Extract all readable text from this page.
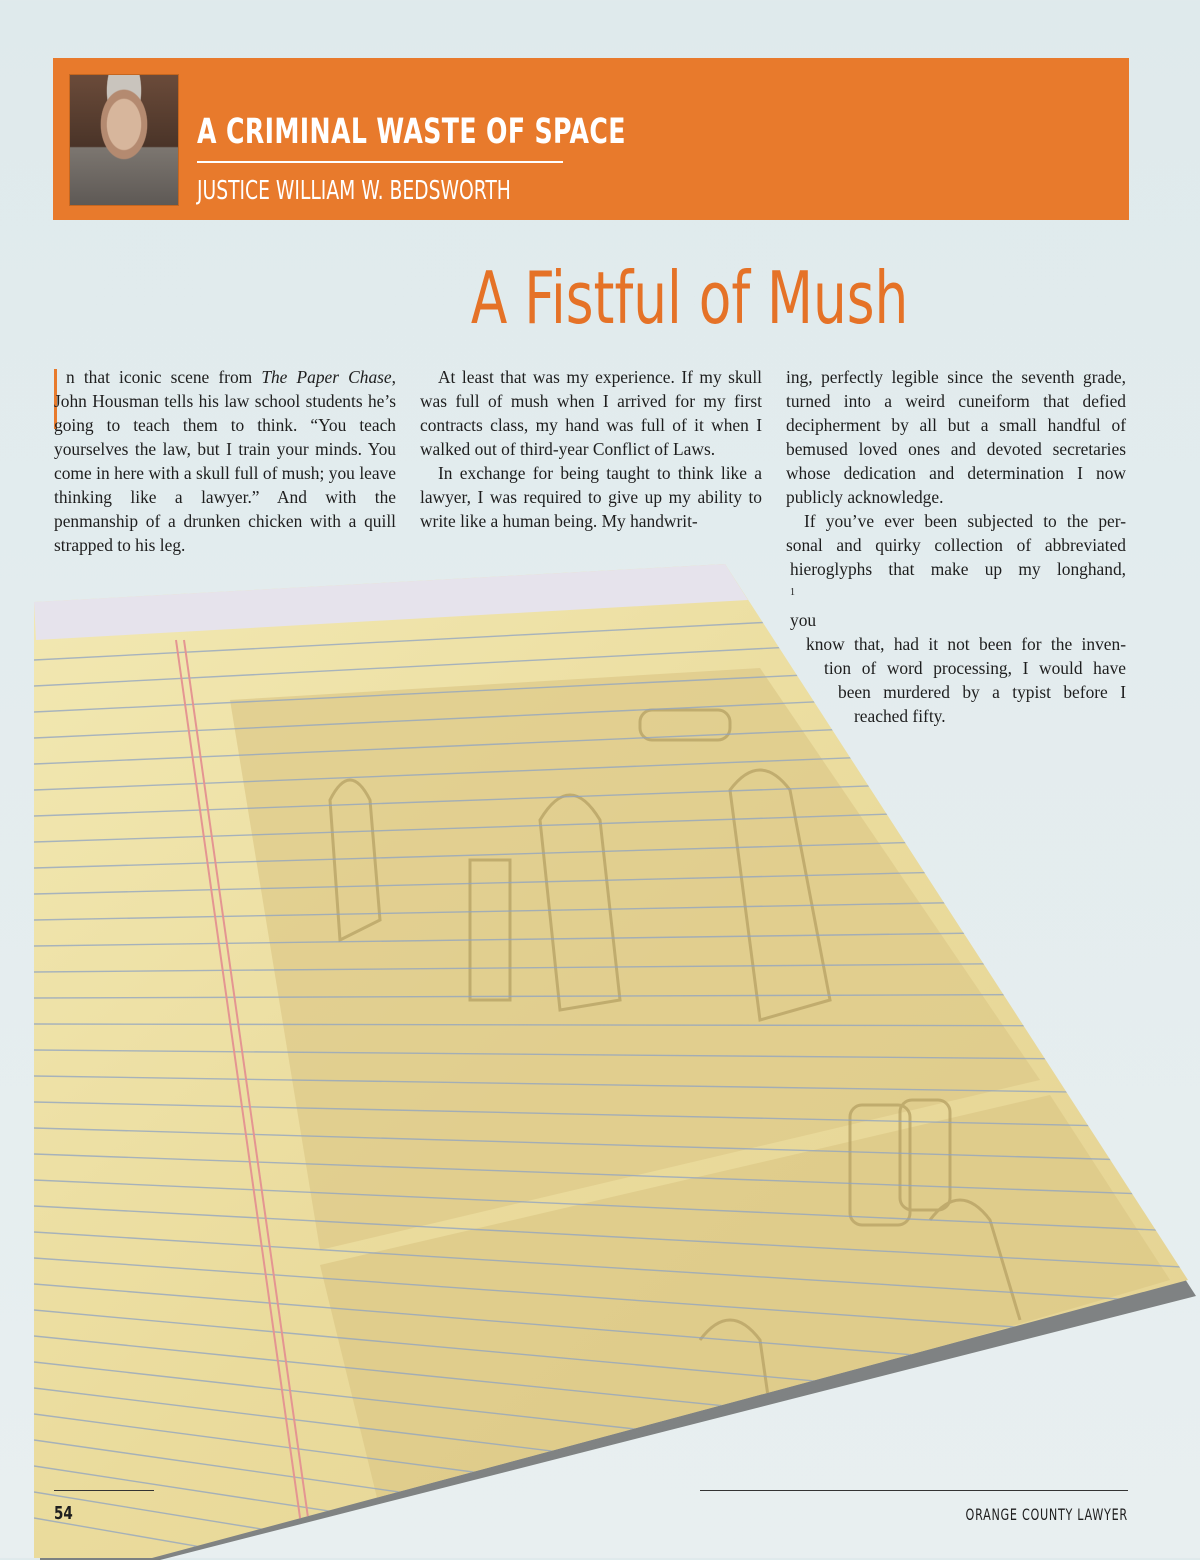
A CRIMINAL WASTE OF SPACE
JUSTICE WILLIAM W. BEDSWORTH
A Fistful of Mush

n that iconic scene from The Paper Chase, John Housman tells his law school students he’s going to teach them to think. “You teach yourselves the law, but I train your minds. You come in here with a skull full of mush; you leave thinking like a lawyer.” And with the penmanship of a drunken chicken with a quill strapped to his leg.

At least that was my experience. If my skull was full of mush when I arrived for my first contracts class, my hand was full of it when I walked out of third-year Conflict of Laws.

In exchange for being taught to think like a lawyer, I was required to give up my ability to write like a human being. My handwrit-

ing, perfectly legible since the seventh grade, turned into a weird cuneiform that defied decipherment by all but a small handful of bemused loved ones and devoted secretaries whose dedication and determination I now publicly acknowledge.

If you’ve ever been subjected to the per-
sonal and quirky collection of abbreviated
hieroglyphs that make up my longhand,
$^1$
you
know that, had it not been for the inven-
tion of word processing, I would have
been murdered by a typist before I
reached fifty.
54	ORANGE COUNTY LAWYER
